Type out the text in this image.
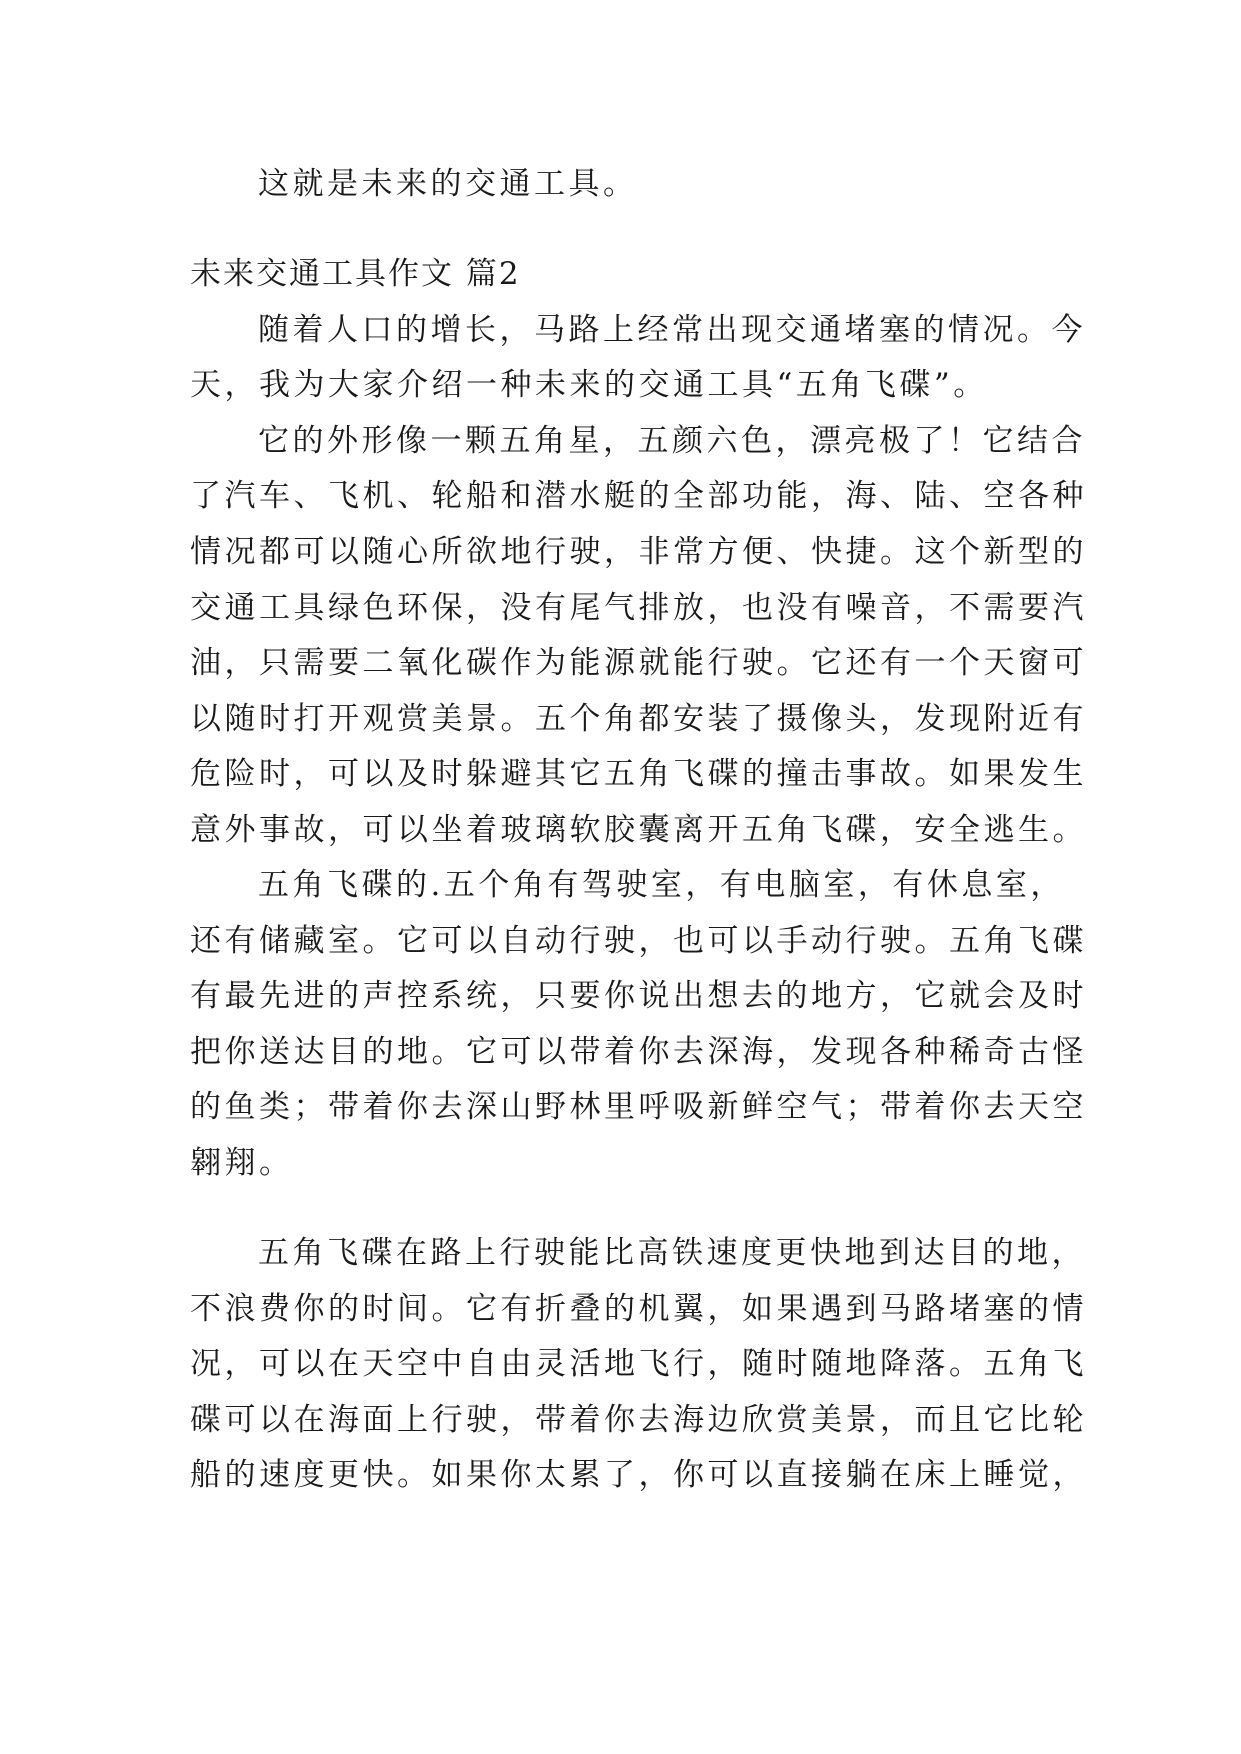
这就是未来的交通工具。
未来交通工具作文 篇2
随着人口的增长，马路上经常出现交通堵塞的情况。今
天，我为大家介绍一种未来的交通工具“五角飞碟”。
它的外形像一颗五角星，五颜六色，漂亮极了！它结合
了汽车、飞机、轮船和潜水艇的全部功能，海、陆、空各种
情况都可以随心所欲地行驶，非常方便、快捷。这个新型的
交通工具绿色环保，没有尾气排放，也没有噪音，不需要汽
油，只需要二氧化碳作为能源就能行驶。它还有一个天窗可
以随时打开观赏美景。五个角都安装了摄像头，发现附近有
危险时，可以及时躲避其它五角飞碟的撞击事故。如果发生
意外事故，可以坐着玻璃软胶囊离开五角飞碟，安全逃生。
五角飞碟的.五个角有驾驶室，有电脑室，有休息室，
还有储藏室。它可以自动行驶，也可以手动行驶。五角飞碟
有最先进的声控系统，只要你说出想去的地方，它就会及时
把你送达目的地。它可以带着你去深海，发现各种稀奇古怪
的鱼类；带着你去深山野林里呼吸新鲜空气；带着你去天空
翱翔。
五角飞碟在路上行驶能比高铁速度更快地到达目的地，
不浪费你的时间。它有折叠的机翼，如果遇到马路堵塞的情
况，可以在天空中自由灵活地飞行，随时随地降落。五角飞
碟可以在海面上行驶，带着你去海边欣赏美景，而且它比轮
船的速度更快。如果你太累了，你可以直接躺在床上睡觉，
